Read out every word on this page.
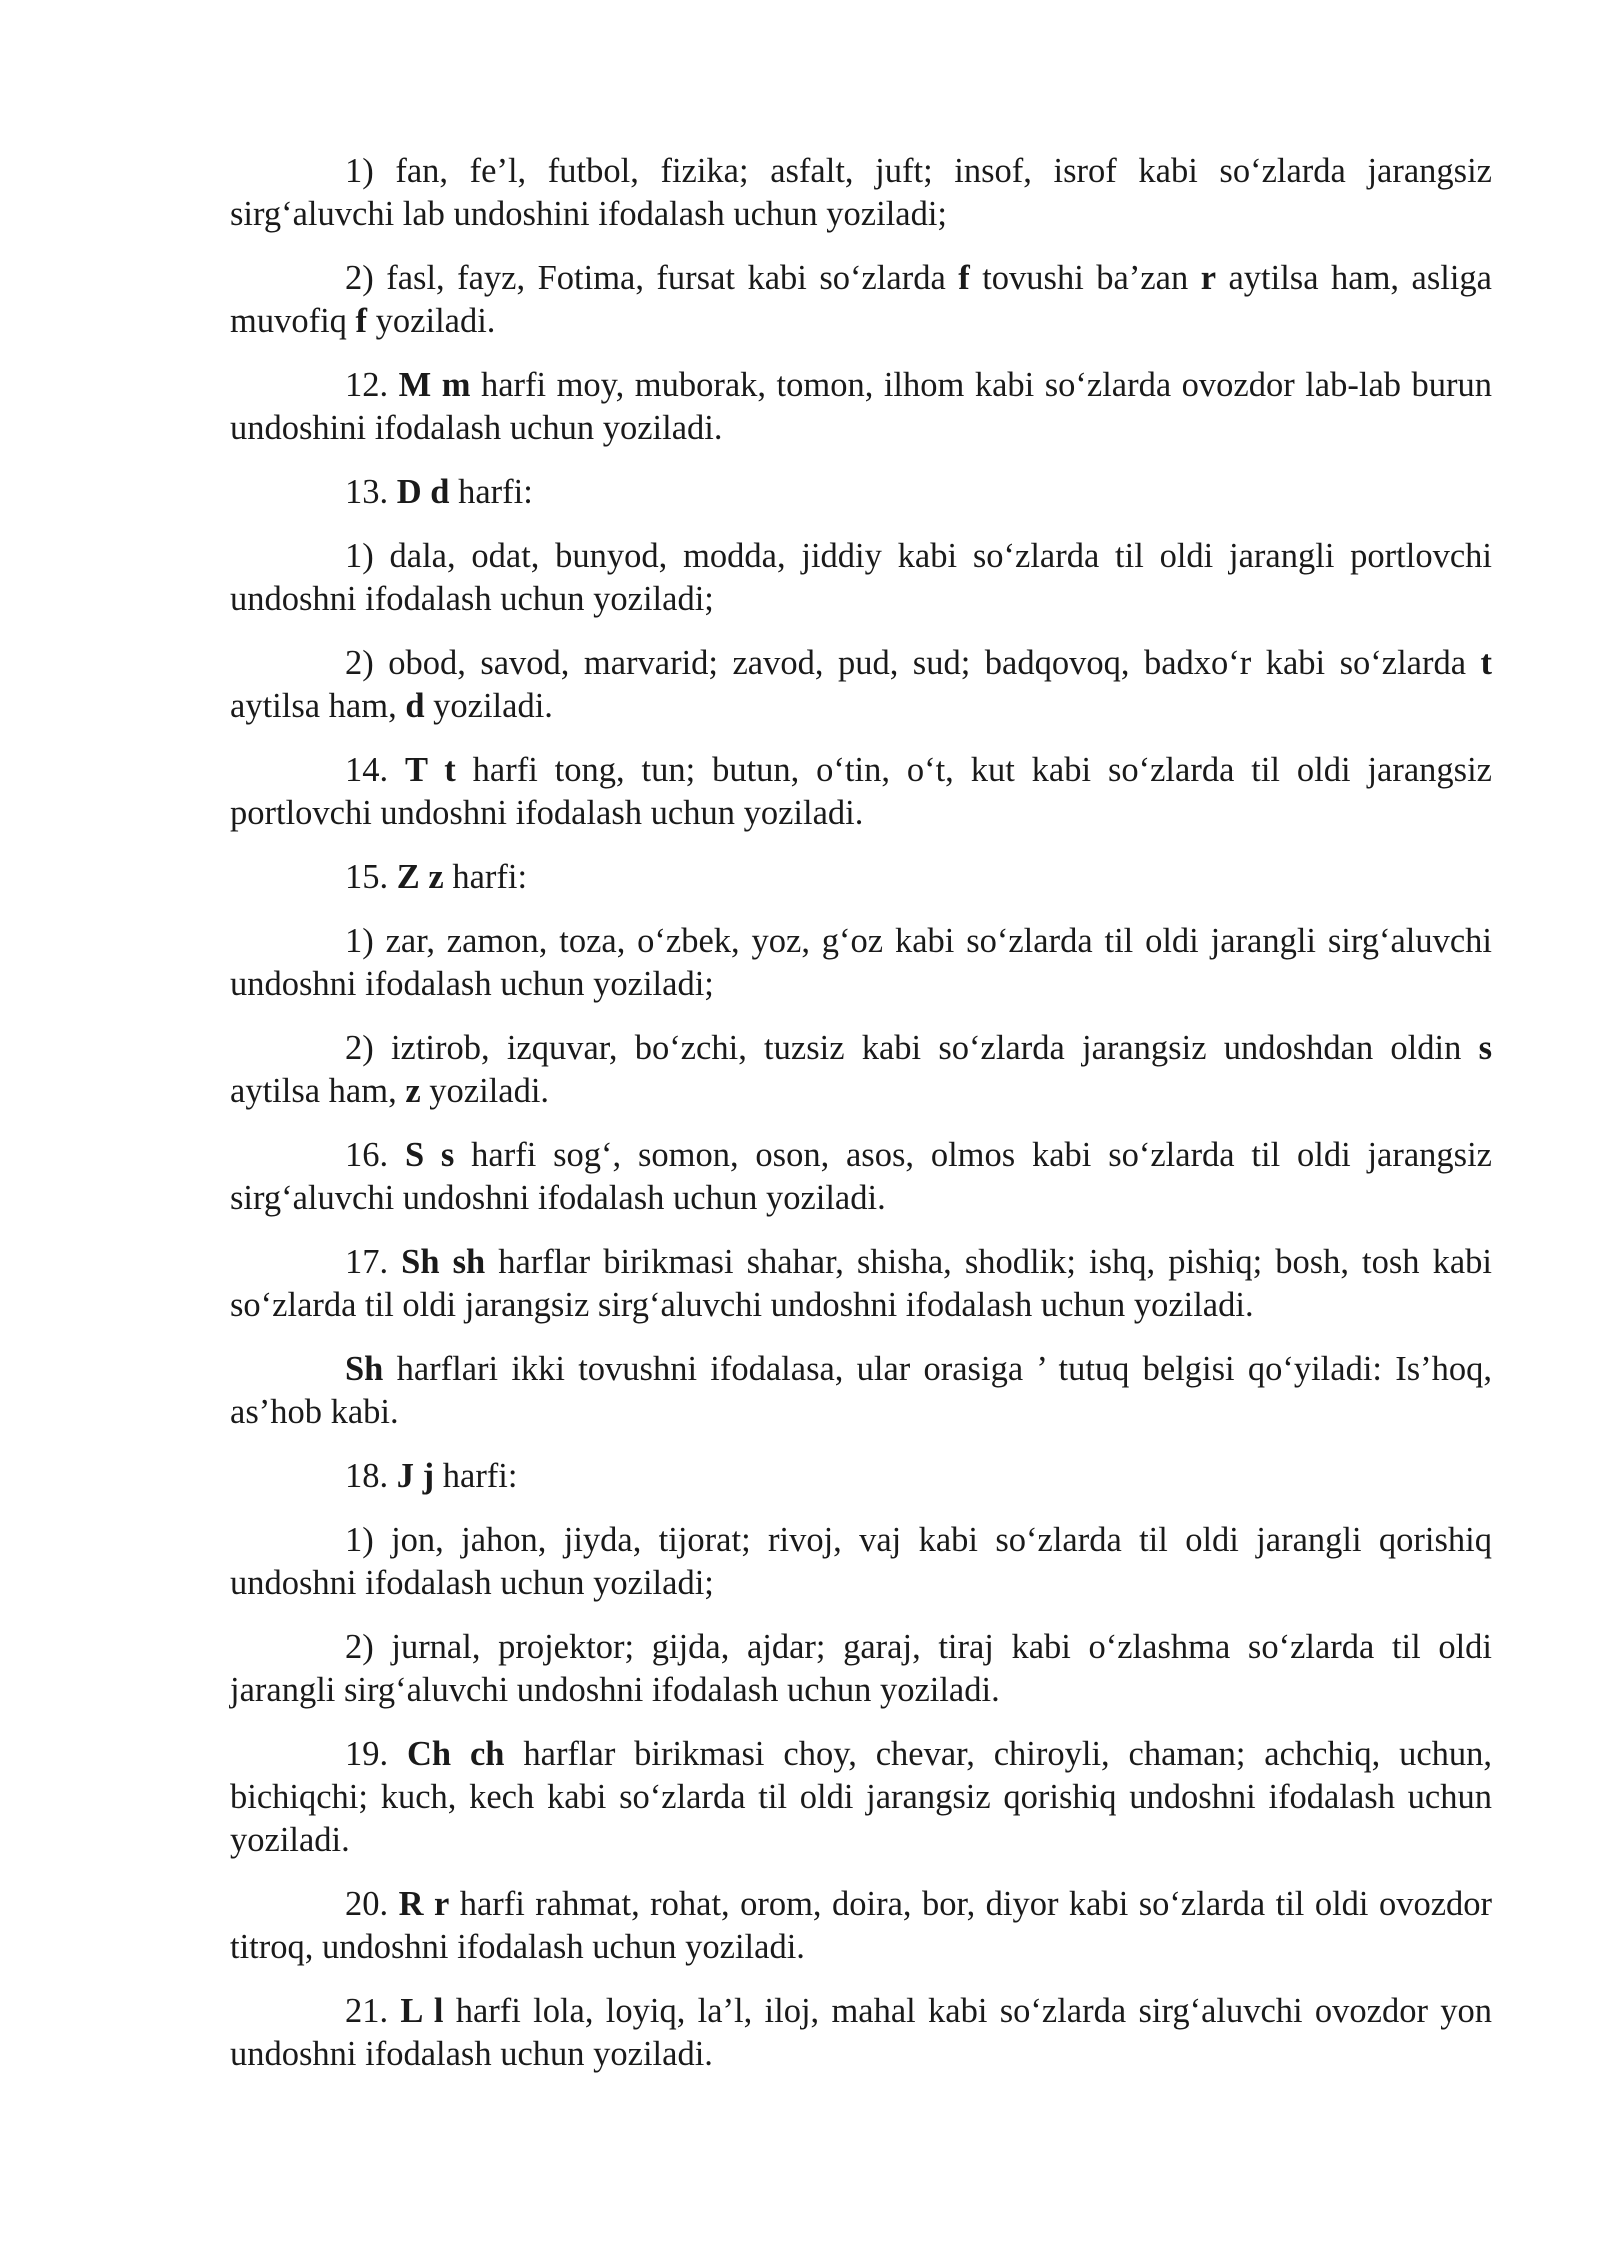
1) fan, fe’l, futbol, fizika; asfalt, juft; insof, isrof kabi so‘zlarda jarangsiz sirg‘aluvchi lab undoshini ifodalash uchun yoziladi;

2) fasl, fayz, Fotima, fursat kabi so‘zlarda f tovushi ba’zan r aytilsa ham, asliga muvofiq f yoziladi.

12. M m harfi moy, muborak, tomon, ilhom kabi so‘zlarda ovozdor lab-lab burun undoshini ifodalash uchun yoziladi.

13. D d harfi:

1) dala, odat, bunyod, modda, jiddiy kabi so‘zlarda til oldi jarangli portlovchi undoshni ifodalash uchun yoziladi;

2) obod, savod, marvarid; zavod, pud, sud; badqovoq, badxo‘r kabi so‘zlarda t aytilsa ham, d yoziladi.

14. T t harfi tong, tun; butun, o‘tin, o‘t, kut kabi so‘zlarda til oldi jarangsiz portlovchi undoshni ifodalash uchun yoziladi.

15. Z z harfi:

1) zar, zamon, toza, o‘zbek, yoz, g‘oz kabi so‘zlarda til oldi jarangli sirg‘aluvchi undoshni ifodalash uchun yoziladi;

2) iztirob, izquvar, bo‘zchi, tuzsiz kabi so‘zlarda jarangsiz undoshdan oldin s aytilsa ham, z yoziladi.

16. S s harfi sog‘, somon, oson, asos, olmos kabi so‘zlarda til oldi jarangsiz sirg‘aluvchi undoshni ifodalash uchun yoziladi.

17. Sh sh harflar birikmasi shahar, shisha, shodlik; ishq, pishiq; bosh, tosh kabi so‘zlarda til oldi jarangsiz sirg‘aluvchi undoshni ifodalash uchun yoziladi.

Sh harflari ikki tovushni ifodalasa, ular orasiga ’ tutuq belgisi qo‘yiladi: Is’hoq, as’hob kabi.

18. J j harfi:

1) jon, jahon, jiyda, tijorat; rivoj, vaj kabi so‘zlarda til oldi jarangli qorishiq undoshni ifodalash uchun yoziladi;

2) jurnal, projektor; gijda, ajdar; garaj, tiraj kabi o‘zlashma so‘zlarda til oldi jarangli sirg‘aluvchi undoshni ifodalash uchun yoziladi.

19. Ch ch harflar birikmasi choy, chevar, chiroyli, chaman; achchiq, uchun, bichiqchi; kuch, kech kabi so‘zlarda til oldi jarangsiz qorishiq undoshni ifodalash uchun yoziladi.

20. R r harfi rahmat, rohat, orom, doira, bor, diyor kabi so‘zlarda til oldi ovozdor titroq, undoshni ifodalash uchun yoziladi.

21. L l harfi lola, loyiq, la’l, iloj, mahal kabi so‘zlarda sirg‘aluvchi ovozdor yon undoshni ifodalash uchun yoziladi.
